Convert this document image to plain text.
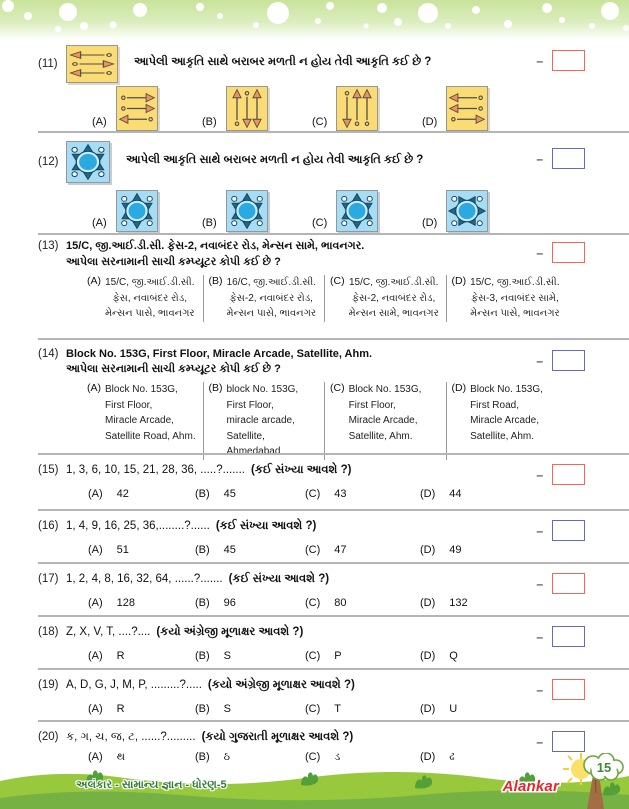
(11)	આપેલી આકૃતિ સાથે બરાબર મળતી ન હોય તેવી આકૃતિ કઈ છે ?	–
(A)	(B)	(C)	(D)
(12)	આપેલી આકૃતિ સાથે બરાબર મળતી ન હોય તેવી આકૃતિ કઈ છે ?	–
(A)	(B)	(C)	(D)
(13) 15/C, જી.આઈ.ડી.સી. ફેસ-2, નવાબંદર રોડ, મેન્સન સામે, ભાવનગર.
આપેલા સરનામાની સાચી કમ્પ્યૂટર કોપી કઈ છે ?
–
(A) 15/C, જી.આઈ.ડી.સી.
ફેસ, નવાબંદર રોડ,
મેન્સન પાસે, ભાવનગર
(B) 16/C, જી.આઈ.ડી.સી.
ફેસ-2, નવાબંદર રોડ,
મેન્સન પાસે, ભાવનગર
(C) 15/C, જી.આઈ.ડી.સી.
ફેસ-2, નવાબંદર રોડ,
મેન્સન સામે, ભાવનગર
(D) 15/C, જી.આઈ.ડી.સી.
ફેસ-3, નવાબંદર સામે,
મેન્સન પાસે, ભાવનગર
(14) Block No. 153G, First Floor, Miracle Arcade, Satellite, Ahm.
આપેલા સરનામાની સાચી કમ્પ્યૂટર કોપી કઈ છે ?
–
(A) Block No. 153G,
First Floor,
Miracle Arcade,
Satellite Road, Ahm.
(B) block No. 153G,
First Floor,
miracle arcade,
Satellite, Ahmedabad
(C) Block No. 153G,
First Floor,
Miracle Arcade,
Satellite, Ahm.
(D) Block No. 153G,
First Road,
Miracle Arcade,
Satellite, Ahm.
(15) 1, 3, 6, 10, 15, 21, 28, 36, .....?....... (કઈ સંખ્યા આવશે ?)	–
(A) 42	(B) 45	(C) 43	(D) 44
(16) 1, 4, 9, 16, 25, 36,........?...... (કઈ સંખ્યા આવશે ?)	–
(A) 51	(B) 45	(C) 47	(D) 49
(17) 1, 2, 4, 8, 16, 32, 64, ......?....... (કઈ સંખ્યા આવશે ?)	–
(A) 128	(B) 96	(C) 80	(D) 132
(18) Z, X, V, T, ....?.... (કયો અંગ્રેજી મૂળાક્ષર આવશે ?)	–
(A) R	(B) S	(C) P	(D) Q
(19) A, D, G, J, M, P, .........?..... (કયો અંગ્રેજી મૂળાક્ષર આવશે ?)	–
(A) R	(B) S	(C) T	(D) U
(20) ક, ગ, ચ, જ, ટ, ......?......... (કયો ગુજરાતી મૂળાક્ષર આવશે ?)	–
(A) થ	(B) ઠ	(C) ડ	(D) ઢ
અલંકાર - સામાન્ય જ્ઞાન - ધોરણ-5	Alankar
15
